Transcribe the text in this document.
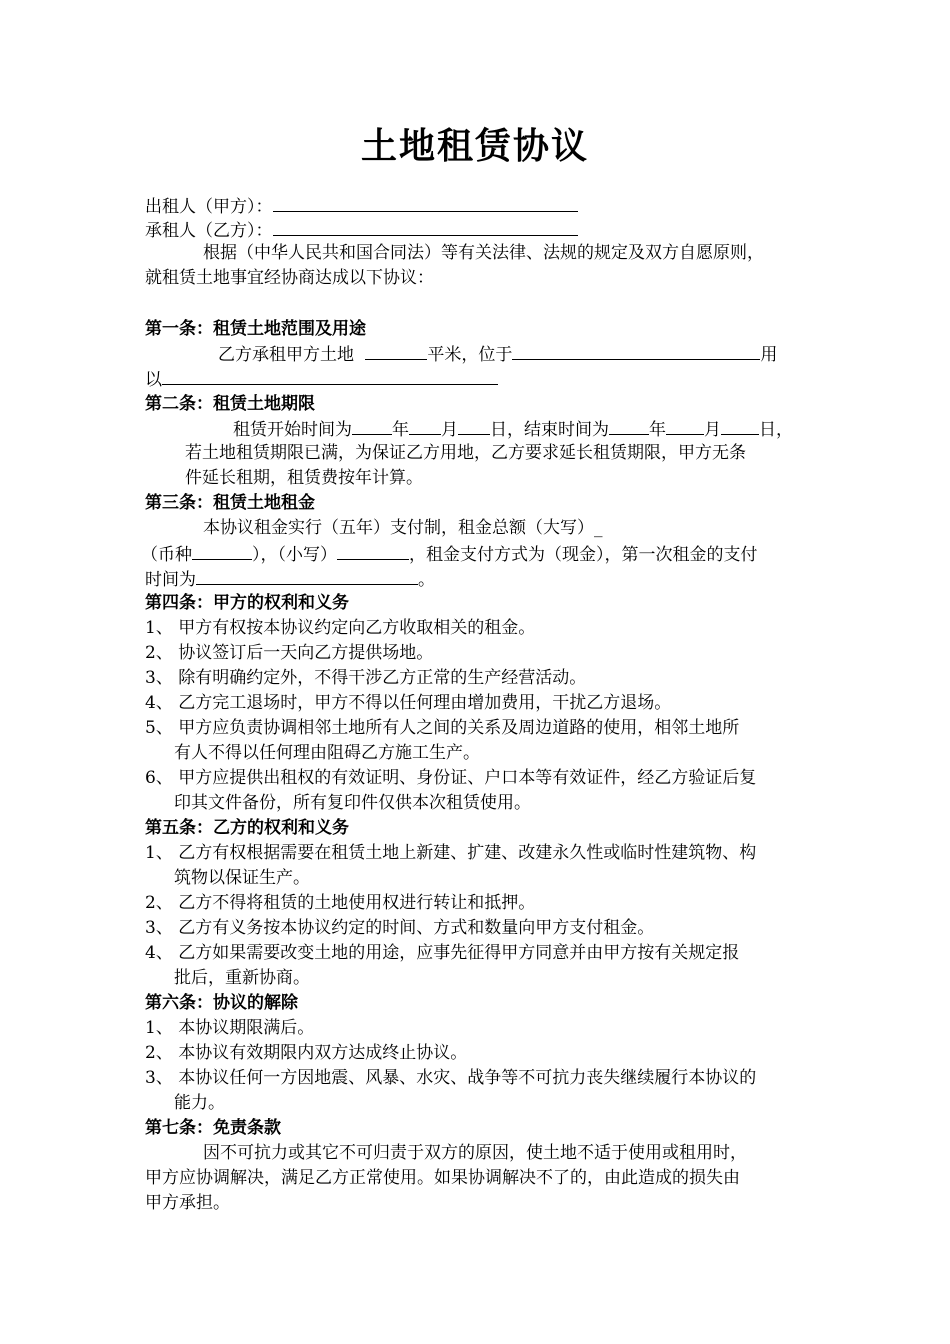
土地租赁协议
出租人（甲方）：
承租人（乙方）：
根据（中华人民共和国合同法）等有关法律、法规的规定及双方自愿原则，
就租赁土地事宜经协商达成以下协议：
第一条：租赁土地范围及用途
乙方承租甲方土地	平米，位于	用
以
第二条：租赁土地期限
租赁开始时间为 年 月 日，结束时间为 年 月 日，
若土地租赁期限已满，为保证乙方用地，乙方要求延长租赁期限，甲方无条
件延长租期，租赁费按年计算。
第三条：租赁土地租金
本协议租金实行（五年）支付制，租金总额（大写）_
（币种	），（小写）	，租金支付方式为（现金），第一次租金的支付
时间为	。
第四条：甲方的权利和义务
1、 甲方有权按本协议约定向乙方收取相关的租金。
2、 协议签订后一天向乙方提供场地。
3、 除有明确约定外，不得干涉乙方正常的生产经营活动。
4、 乙方完工退场时，甲方不得以任何理由增加费用，干扰乙方退场。
5、 甲方应负责协调相邻土地所有人之间的关系及周边道路的使用，相邻土地所
有人不得以任何理由阻碍乙方施工生产。
6、 甲方应提供出租权的有效证明、身份证、户口本等有效证件，经乙方验证后复
印其文件备份，所有复印件仅供本次租赁使用。
第五条：乙方的权利和义务
1、 乙方有权根据需要在租赁土地上新建、扩建、改建永久性或临时性建筑物、构
筑物以保证生产。
2、 乙方不得将租赁的土地使用权进行转让和抵押。
3、 乙方有义务按本协议约定的时间、方式和数量向甲方支付租金。
4、 乙方如果需要改变土地的用途，应事先征得甲方同意并由甲方按有关规定报
批后，重新协商。
第六条：协议的解除
1、 本协议期限满后。
2、 本协议有效期限内双方达成终止协议。
3、 本协议任何一方因地震、风暴、水灾、战争等不可抗力丧失继续履行本协议的
能力。
第七条：免责条款
因不可抗力或其它不可归责于双方的原因，使土地不适于使用或租用时，
甲方应协调解决，满足乙方正常使用。如果协调解决不了的，由此造成的损失由
甲方承担。
